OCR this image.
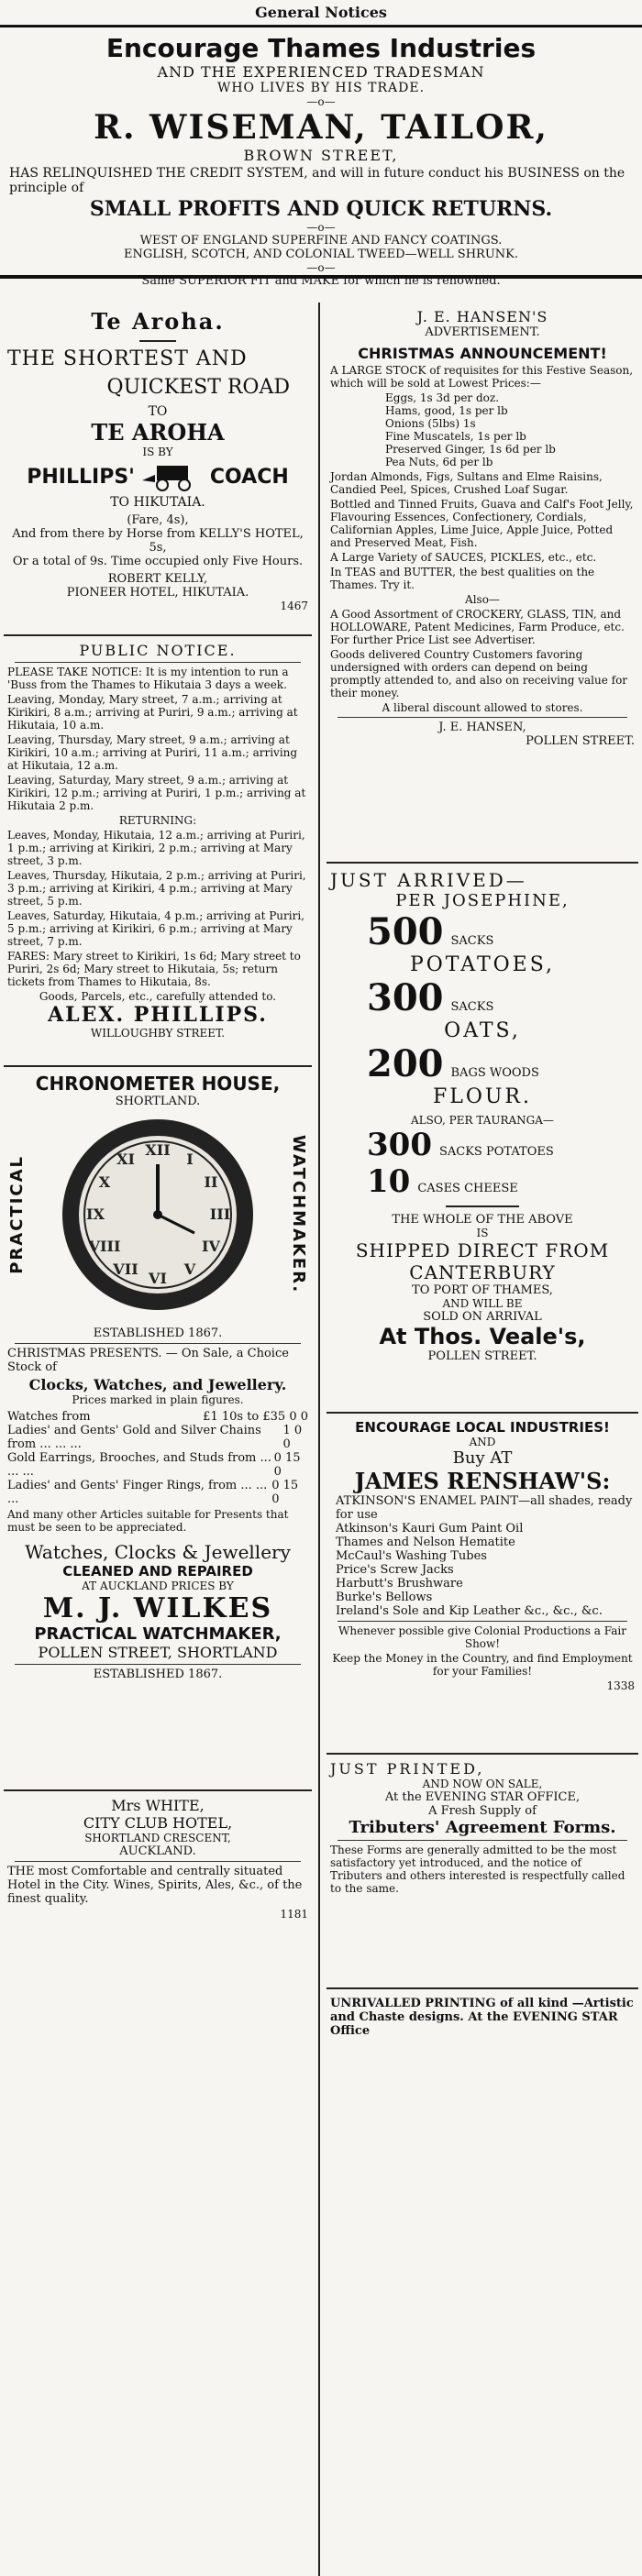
General Notices
Encourage Thames Industries
AND THE EXPERIENCED TRADESMAN
WHO LIVES BY HIS TRADE.
—o—
R. WISEMAN, TAILOR,
BROWN STREET,

HAS RELINQUISHED THE CREDIT SYSTEM, and will in future conduct his BUSINESS on the principle of

SMALL PROFITS AND QUICK RETURNS.
—o—
WEST OF ENGLAND SUPERFINE AND FANCY COATINGS.
ENGLISH, SCOTCH, AND COLONIAL TWEED—WELL SHRUNK.
—o—
Same SUPERIOR FIT and MAKE for which he is renowned.
Te Aroha.
THE SHORTEST AND
QUICKEST ROAD
TO
TE AROHA
IS BY
PHILLIPS'	COACH
TO HIKUTAIA.
(Fare, 4s),
And from there by Horse from KELLY'S HOTEL, 5s,
Or a total of 9s. Time occupied only Five Hours.
ROBERT KELLY,
PIONEER HOTEL, HIKUTAIA.
1467
PUBLIC NOTICE.

PLEASE TAKE NOTICE: It is my intention to run a 'Buss from the Thames to Hikutaia 3 days a week.

Leaving, Monday, Mary street, 7 a.m.; arriving at Kirikiri, 8 a.m.; arriving at Puriri, 9 a.m.; arriving at Hikutaia, 10 a.m.

Leaving, Thursday, Mary street, 9 a.m.; arriving at Kirikiri, 10 a.m.; arriving at Puriri, 11 a.m.; arriving at Hikutaia, 12 a.m.

Leaving, Saturday, Mary street, 9 a.m.; arriving at Kirikiri, 12 p.m.; arriving at Puriri, 1 p.m.; arriving at Hikutaia 2 p.m.

RETURNING:

Leaves, Monday, Hikutaia, 12 a.m.; arriving at Puriri, 1 p.m.; arriving at Kirikiri, 2 p.m.; arriving at Mary street, 3 p.m.

Leaves, Thursday, Hikutaia, 2 p.m.; arriving at Puriri, 3 p.m.; arriving at Kirikiri, 4 p.m.; arriving at Mary street, 5 p.m.

Leaves, Saturday, Hikutaia, 4 p.m.; arriving at Puriri, 5 p.m.; arriving at Kirikiri, 6 p.m.; arriving at Mary street, 7 p.m.

FARES: Mary street to Kirikiri, 1s 6d; Mary street to Puriri, 2s 6d; Mary street to Hikutaia, 5s; return tickets from Thames to Hikutaia, 8s.

Goods, Parcels, etc., carefully attended to.
ALEX. PHILLIPS.
WILLOUGHBY STREET.
CHRONOMETER HOUSE,
SHORTLAND.
PRACTICAL
XII
I
II
III
IV
V
VI
VII
VIII
IX
X
XI	WATCHMAKER.
ESTABLISHED 1867.

CHRISTMAS PRESENTS. — On Sale, a Choice Stock of

Clocks, Watches, and Jewellery.
Prices marked in plain figures.
Watches from	£1 10s to £35 0 0
Ladies' and Gents' Gold and Silver Chains from ... ... ...
1 0 0
Gold Earrings, Brooches, and Studs from ... ... ...
0 15 0
Ladies' and Gents' Finger Rings, from ... ... ...
0 15 0

And many other Articles suitable for Presents that must be seen to be appreciated.

Watches, Clocks & Jewellery
CLEANED AND REPAIRED
AT AUCKLAND PRICES BY
M. J. WILKES
PRACTICAL WATCHMAKER,
POLLEN STREET, SHORTLAND
ESTABLISHED 1867.
Mrs WHITE,
CITY CLUB HOTEL,
SHORTLAND CRESCENT,
AUCKLAND.

THE most Comfortable and centrally situated Hotel in the City. Wines, Spirits, Ales, &c., of the finest quality.

1181
J. E. HANSEN'S
ADVERTISEMENT.
CHRISTMAS ANNOUNCEMENT!

A LARGE STOCK of requisites for this Festive Season, which will be sold at Lowest Prices:—

Eggs, 1s 3d per doz.
Hams, good, 1s per lb
Onions (5lbs) 1s
Fine Muscatels, 1s per lb
Preserved Ginger, 1s 6d per lb
Pea Nuts, 6d per lb

Jordan Almonds, Figs, Sultans and Elme Raisins, Candied Peel, Spices, Crushed Loaf Sugar.

Bottled and Tinned Fruits, Guava and Calf's Foot Jelly, Flavouring Essences, Confectionery, Cordials, Californian Apples, Lime Juice, Apple Juice, Potted and Preserved Meat, Fish.

A Large Variety of SAUCES, PICKLES, etc., etc.

In TEAS and BUTTER, the best qualities on the Thames. Try it.

Also—

A Good Assortment of CROCKERY, GLASS, TIN, and HOLLOWARE, Patent Medicines, Farm Produce, etc. For further Price List see Advertiser.

Goods delivered Country Customers favoring undersigned with orders can depend on being promptly attended to, and also on receiving value for their money.

A liberal discount allowed to stores.
J. E. HANSEN,
POLLEN STREET.
JUST ARRIVED—
PER JOSEPHINE,
500 SACKS
POTATOES,
300 SACKS
OATS,
200 BAGS WOODS
FLOUR.
ALSO, PER TAURANGA—
300 SACKS POTATOES
10 CASES CHEESE
THE WHOLE OF THE ABOVE
IS
SHIPPED DIRECT FROM
CANTERBURY
TO PORT OF THAMES,
AND WILL BE
SOLD ON ARRIVAL
At Thos. Veale's,
POLLEN STREET.
ENCOURAGE LOCAL INDUSTRIES!
AND
Buy AT
JAMES RENSHAW'S:
ATKINSON'S ENAMEL PAINT—all shades, ready for use
Atkinson's Kauri Gum Paint Oil
Thames and Nelson Hematite
McCaul's Washing Tubes
Price's Screw Jacks
Harbutt's Brushware
Burke's Bellows
Ireland's Sole and Kip Leather &c., &c., &c.

Whenever possible give Colonial Productions a Fair Show!

Keep the Money in the Country, and find Employment for your Families!

1338
JUST PRINTED,
AND NOW ON SALE,
At the EVENING STAR OFFICE,
A Fresh Supply of
Tributers' Agreement Forms.

These Forms are generally admitted to be the most satisfactory yet introduced, and the notice of Tributers and others interested is respectfully called to the same.

UNRIVALLED PRINTING of all kind —Artistic and Chaste designs. At the EVENING STAR Office
